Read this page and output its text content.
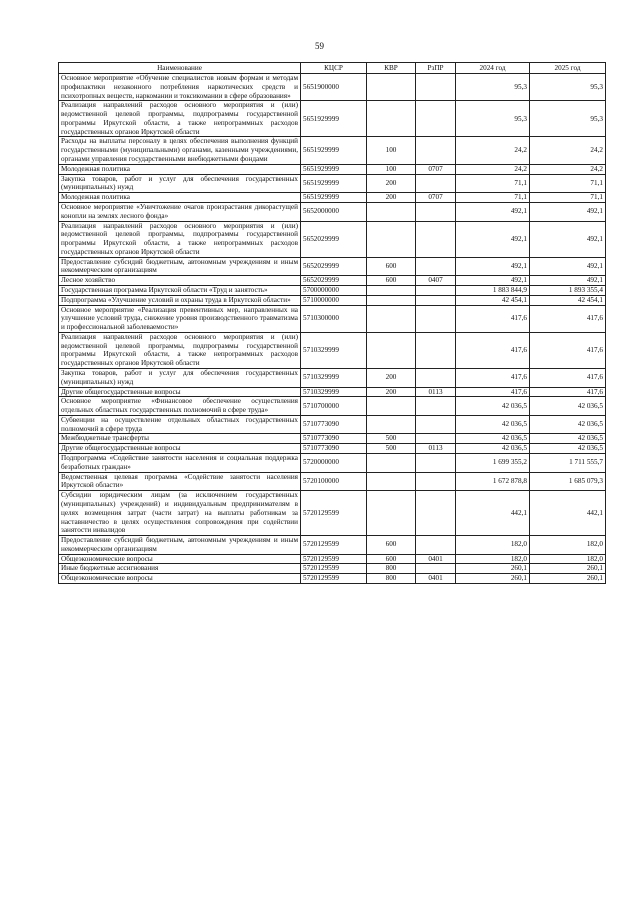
59
Наименование	КЦСР	КВР	РзПР	2024 год	2025 год
Основное мероприятие «Обучение специалистов новым формам и методам профилактики незаконного потребления наркотических средств и психотропных веществ, наркомании и токсикомании в сфере образования»	5651900000			95,3	95,3
Реализация направлений расходов основного мероприятия и (или) ведомственной целевой программы, подпрограммы государственной программы Иркутской области, а также непрограммных расходов государственных органов Иркутской области	5651929999			95,3	95,3
Расходы на выплаты персоналу в целях обеспечения выполнения функций государственными (муниципальными) органами, казенными учреждениями, органами управления государственными внебюджетными фондами	5651929999	100		24,2	24,2
Молодежная политика	5651929999	100	0707	24,2	24,2
Закупка товаров, работ и услуг для обеспечения государственных (муниципальных) нужд	5651929999	200		71,1	71,1
Молодежная политика	5651929999	200	0707	71,1	71,1
Основное мероприятие «Уничтожение очагов произрастания дикорастущей конопли на землях лесного фонда»	5652000000			492,1	492,1
Реализация направлений расходов основного мероприятия и (или) ведомственной целевой программы, подпрограммы государственной программы Иркутской области, а также непрограммных расходов государственных органов Иркутской области	5652029999			492,1	492,1
Предоставление субсидий бюджетным, автономным учреждениям и иным некоммерческим организациям	5652029999	600		492,1	492,1
Лесное хозяйство	5652029999	600	0407	492,1	492,1
Государственная программа Иркутской области «Труд и занятость»	5700000000			1 883 844,9	1 893 355,4
Подпрограмма «Улучшение условий и охраны труда в Иркутской области»	5710000000			42 454,1	42 454,1
Основное мероприятие «Реализация превентивных мер, направленных на улучшение условий труда, снижение уровня производственного травматизма и профессиональной заболеваемости»	5710300000			417,6	417,6
Реализация направлений расходов основного мероприятия и (или) ведомственной целевой программы, подпрограммы государственной программы Иркутской области, а также непрограммных расходов государственных органов Иркутской области	5710329999			417,6	417,6
Закупка товаров, работ и услуг для обеспечения государственных (муниципальных) нужд	5710329999	200		417,6	417,6
Другие общегосударственные вопросы	5710329999	200	0113	417,6	417,6
Основное мероприятие «Финансовое обеспечение осуществления отдельных областных государственных полномочий в сфере труда»	5710700000			42 036,5	42 036,5
Субвенции на осуществление отдельных областных государственных полномочий в сфере труда	5710773090			42 036,5	42 036,5
Межбюджетные трансферты	5710773090	500		42 036,5	42 036,5
Другие общегосударственные вопросы	5710773090	500	0113	42 036,5	42 036,5
Подпрограмма «Содействие занятости населения и социальная поддержка безработных граждан»	5720000000			1 699 355,2	1 711 555,7
Ведомственная целевая программа «Содействие занятости населения Иркутской области»	5720100000			1 672 878,8	1 685 079,3
Субсидии юридическим лицам (за исключением государственных (муниципальных) учреждений) и индивидуальным предпринимателям в целях возмещения затрат (части затрат) на выплаты работникам за наставничество в целях осуществления сопровождения при содействии занятости инвалидов	5720129599			442,1	442,1
Предоставление субсидий бюджетным, автономным учреждениям и иным некоммерческим организациям	5720129599	600		182,0	182,0
Общеэкономические вопросы	5720129599	600	0401	182,0	182,0
Иные бюджетные ассигнования	5720129599	800		260,1	260,1
Общеэкономические вопросы	5720129599	800	0401	260,1	260,1
